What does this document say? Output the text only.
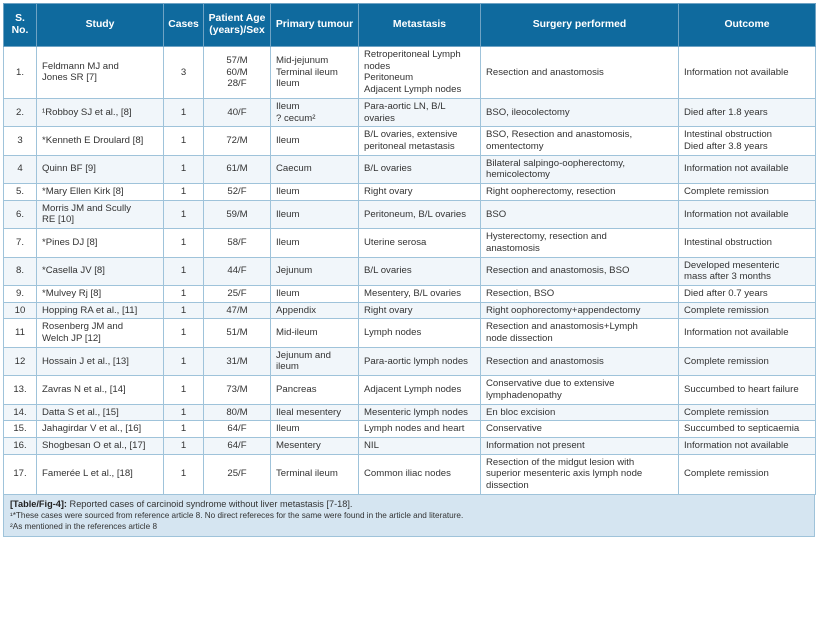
S. No.	Study	Cases	Patient Age (years)/Sex	Primary tumour	Metastasis	Surgery performed	Outcome
1.	Feldmann MJ and
Jones SR [7]	3	57/M
60/M
28/F	Mid-jejunum
Terminal ileum
Ileum	Retroperitoneal Lymph
nodes
Peritoneum
Adjacent Lymph nodes	Resection and anastomosis	Information not available
2.	¹Robboy SJ et al., [8]	1	40/F	Ileum
? cecum²	Para-aortic LN, B/L
ovaries	BSO, ileocolectomy	Died after 1.8 years
3	*Kenneth E Droulard [8]	1	72/M	Ileum	B/L ovaries, extensive
peritoneal metastasis	BSO, Resection and anastomosis,
omentectomy	Intestinal obstruction
Died after 3.8 years
4	Quinn BF [9]	1	61/M	Caecum	B/L ovaries	Bilateral salpingo-oopherectomy,
hemicolectomy	Information not available
5.	*Mary Ellen Kirk [8]	1	52/F	Ileum	Right ovary	Right oopherectomy, resection	Complete remission
6.	Morris JM and Scully
RE [10]	1	59/M	Ileum	Peritoneum, B/L ovaries	BSO	Information not available
7.	*Pines DJ [8]	1	58/F	Ileum	Uterine serosa	Hysterectomy, resection and
anastomosis	Intestinal obstruction
8.	*Casella JV [8]	1	44/F	Jejunum	B/L ovaries	Resection and anastomosis, BSO	Developed mesenteric
mass after 3 months
9.	*Mulvey Rj [8]	1	25/F	Ileum	Mesentery, B/L ovaries	Resection, BSO	Died after 0.7 years
10	Hopping RA et al., [11]	1	47/M	Appendix	Right ovary	Right oophorectomy+appendectomy	Complete remission
11	Rosenberg JM and
Welch JP [12]	1	51/M	Mid-ileum	Lymph nodes	Resection and anastomosis+Lymph
node dissection	Information not available
12	Hossain J et al., [13]	1	31/M	Jejunum and
ileum	Para-aortic lymph nodes	Resection and anastomosis	Complete remission
13.	Zavras N et al., [14]	1	73/M	Pancreas	Adjacent Lymph nodes	Conservative due to extensive
lymphadenopathy	Succumbed to heart failure
14.	Datta S et al., [15]	1	80/M	Ileal mesentery	Mesenteric lymph nodes	En bloc excision	Complete remission
15.	Jahagirdar V et al., [16]	1	64/F	Ileum	Lymph nodes and heart	Conservative	Succumbed to septicaemia
16.	Shogbesan O et al., [17]	1	64/F	Mesentery	NIL	Information not present	Information not available
17.	Famerée L et al., [18]	1	25/F	Terminal ileum	Common iliac nodes	Resection of the midgut lesion with
superior mesenteric axis lymph node
dissection	Complete remission
[Table/Fig-4]: Reported cases of carcinoid syndrome without liver metastasis [7-18].
¹*These cases were sourced from reference article 8. No direct refereces for the same were found in the article and literature.
²As mentioned in the references article 8
